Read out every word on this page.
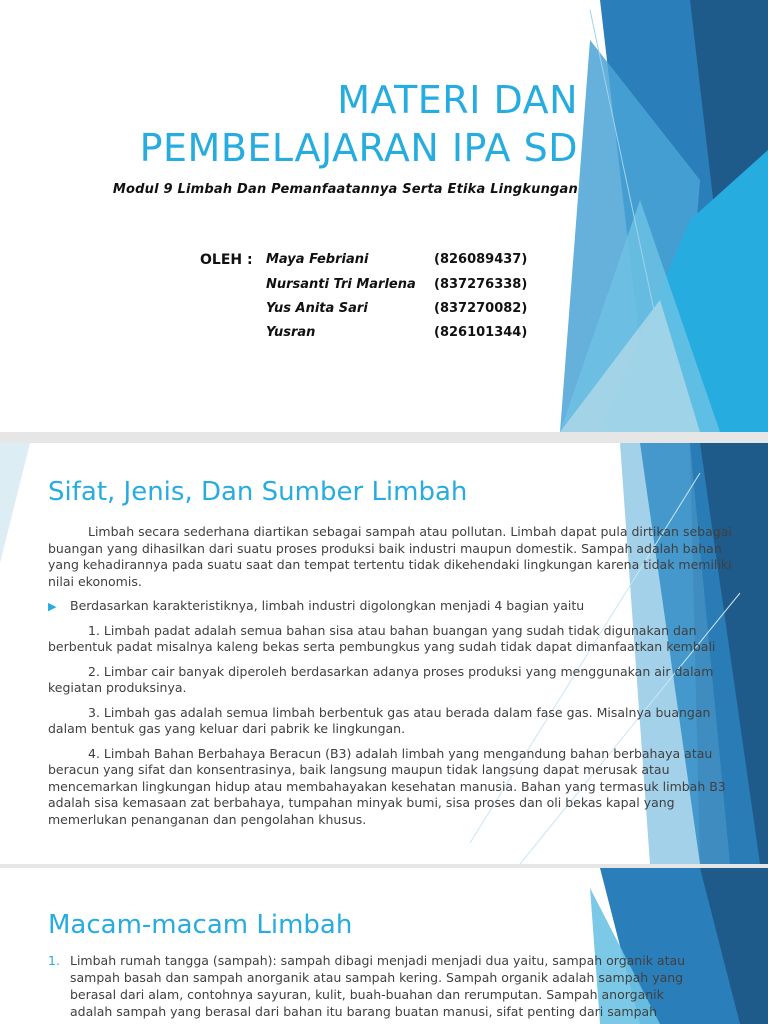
MATERI DAN
PEMBELAJARAN IPA SD
Modul 9 Limbah Dan Pemanfaatannya Serta Etika Lingkungan
OLEH :	Maya Febriani	(826089437)
	Nursanti Tri Marlena	(837276338)
	Yus Anita Sari	(837270082)
	Yusran	(826101344)
Sifat, Jenis, Dan Sumber Limbah

Limbah secara sederhana diartikan sebagai sampah atau pollutan. Limbah dapat pula dirtikan sebagai buangan yang dihasilkan dari suatu proses produksi baik industri maupun domestik. Sampah adalah bahan yang kehadirannya pada suatu saat dan tempat tertentu tidak dikehendaki lingkungan karena tidak memiliki nilai ekonomis.

▶ Berdasarkan karakteristiknya, limbah industri digolongkan menjadi 4 bagian yaitu

1. Limbah padat adalah semua bahan sisa atau bahan buangan yang sudah tidak digunakan dan berbentuk padat misalnya kaleng bekas serta pembungkus yang sudah tidak dapat dimanfaatkan kembali

2. Limbar cair banyak diperoleh berdasarkan adanya proses produksi yang menggunakan air dalam kegiatan produksinya.

3. Limbah gas adalah semua limbah berbentuk gas atau berada dalam fase gas. Misalnya buangan dalam bentuk gas yang keluar dari pabrik ke lingkungan.

4. Limbah Bahan Berbahaya Beracun (B3) adalah limbah yang mengandung bahan berbahaya atau beracun yang sifat dan konsentrasinya, baik langsung maupun tidak langsung dapat merusak atau mencemarkan lingkungan hidup atau membahayakan kesehatan manusia. Bahan yang termasuk limbah B3 adalah sisa kemasaan zat berbahaya, tumpahan minyak bumi, sisa proses dan oli bekas kapal yang memerlukan penanganan dan pengolahan khusus.

Macam-macam Limbah
1. Limbah rumah tangga (sampah): sampah dibagi menjadi menjadi dua yaitu, sampah organik atau sampah basah dan sampah anorganik atau sampah kering. Sampah organik adalah sampah yang berasal dari alam, contohnya sayuran, kulit, buah-buahan dan rerumputan. Sampah anorganik adalah sampah yang berasal dari bahan itu barang buatan manusi, sifat penting dari sampah
